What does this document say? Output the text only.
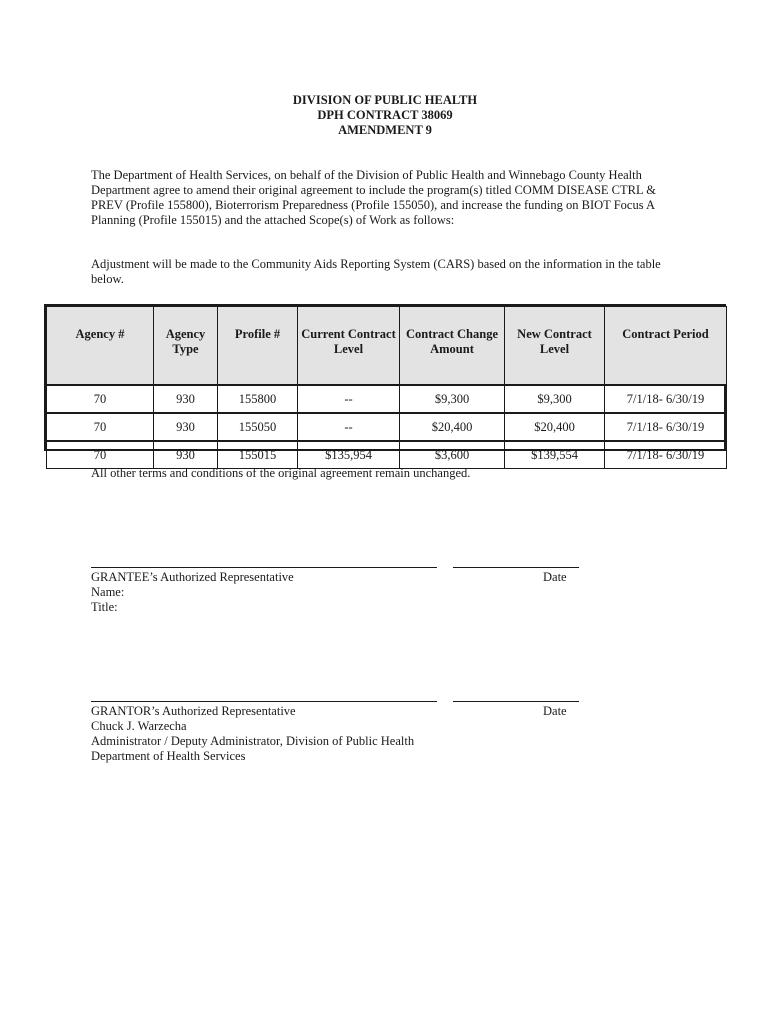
DIVISION OF PUBLIC HEALTH
DPH CONTRACT 38069
AMENDMENT 9

The Department of Health Services, on behalf of the Division of Public Health and Winnebago County Health Department agree to amend their original agreement to include the program(s) titled COMM DISEASE CTRL & PREV (Profile 155800), Bioterrorism Preparedness (Profile 155050), and increase the funding on BIOT Focus A Planning (Profile 155015) and the attached Scope(s) of Work as follows:

Adjustment will be made to the Community Aids Reporting System (CARS) based on the information in the table below.

Agency #	Agency Type	Profile #	Current Contract Level	Contract Change Amount	New Contract Level	Contract Period
70	930	155800	--	$9,300	$9,300	7/1/18- 6/30/19
70	930	155050	--	$20,400	$20,400	7/1/18- 6/30/19
70	930	155015	$135,954	$3,600	$139,554	7/1/18- 6/30/19

All other terms and conditions of the original agreement remain unchanged.

GRANTEE’s Authorized Representative
Name:
Title:
Date
GRANTOR’s Authorized Representative
Chuck J. Warzecha
Administrator / Deputy Administrator, Division of Public Health
Department of Health Services
Date
